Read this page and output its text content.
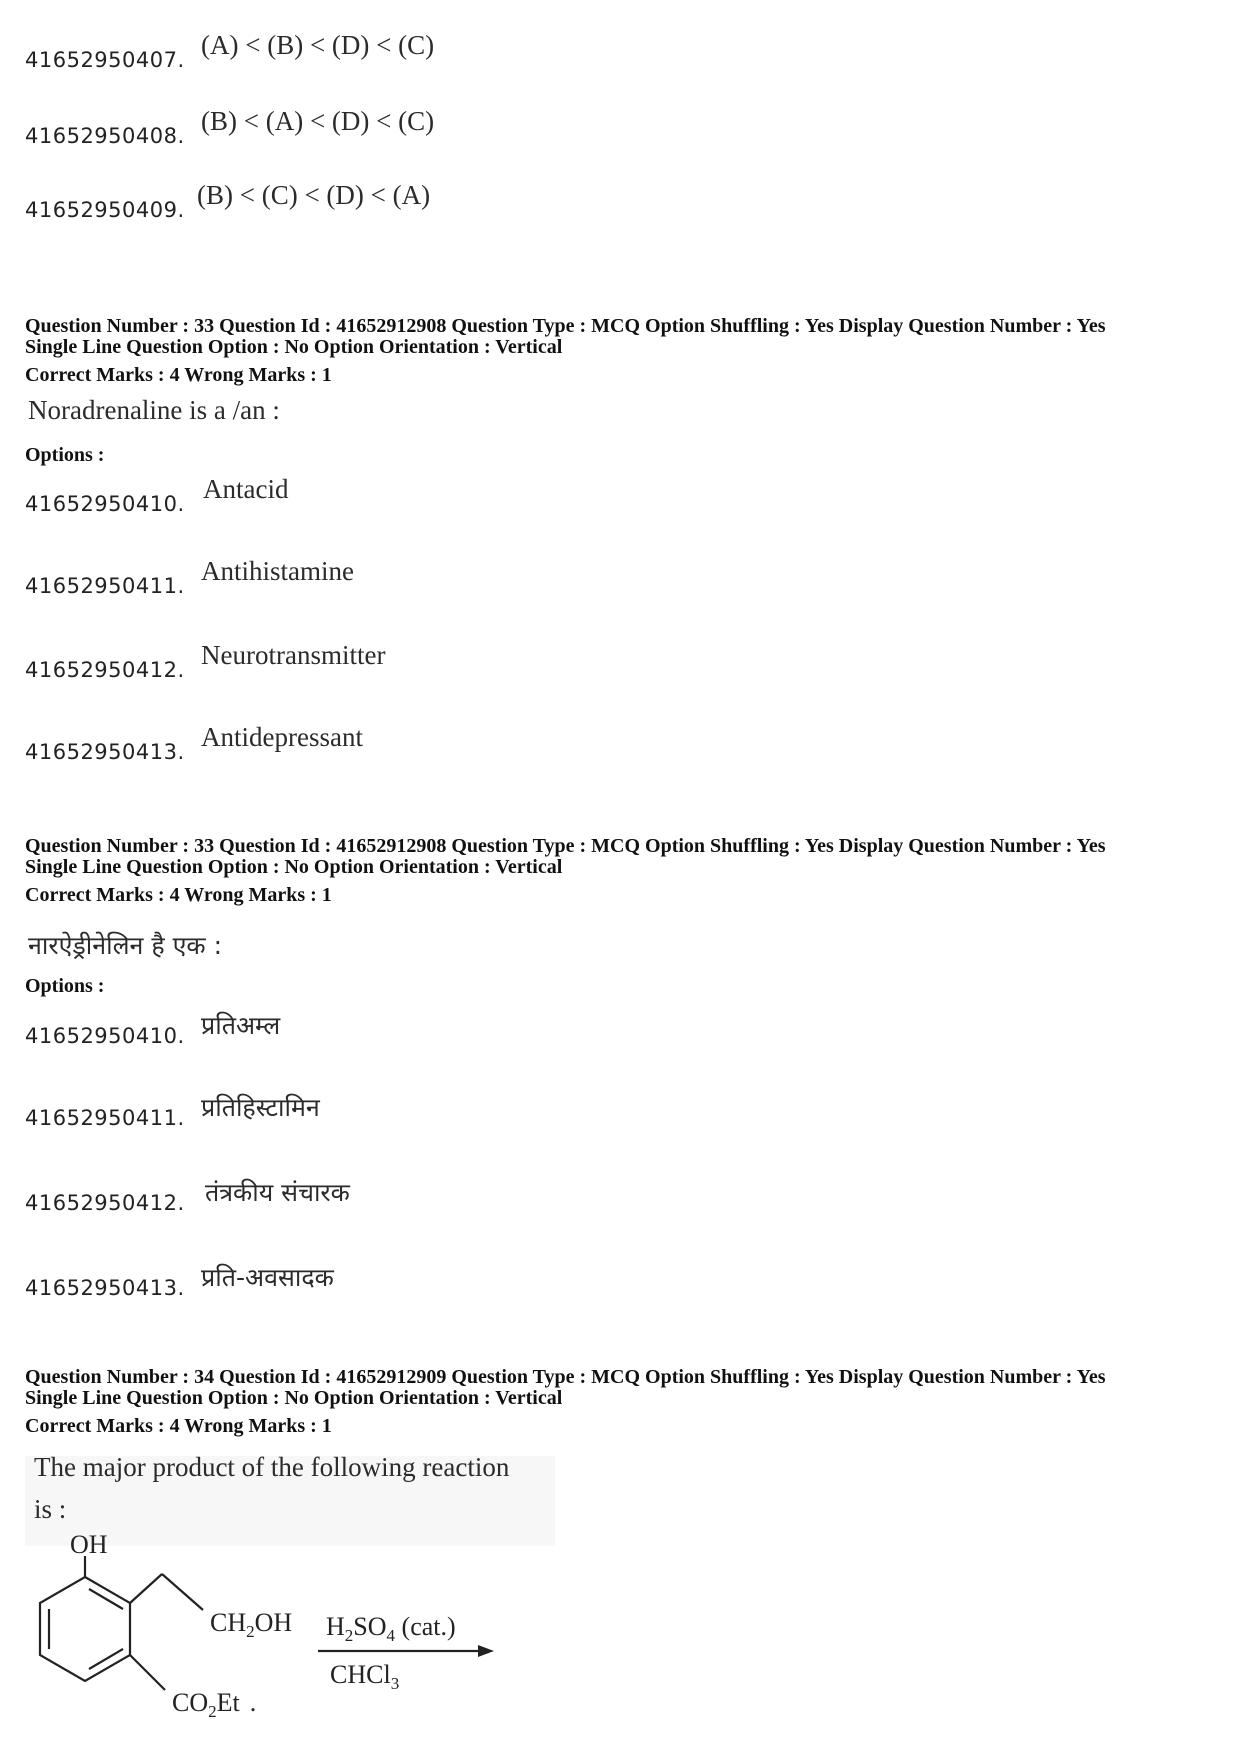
41652950407. (A) < (B) < (D) < (C)
41652950408. (B) < (A) < (D) < (C)
41652950409. (B) < (C) < (D) < (A)
Question Number : 33 Question Id : 41652912908 Question Type : MCQ Option Shuffling : Yes Display Question Number : Yes
Single Line Question Option : No Option Orientation : Vertical
Correct Marks : 4 Wrong Marks : 1
Noradrenaline is a /an :
Options :
41652950410. Antacid
41652950411. Antihistamine
41652950412. Neurotransmitter
41652950413. Antidepressant
Question Number : 33 Question Id : 41652912908 Question Type : MCQ Option Shuffling : Yes Display Question Number : Yes
Single Line Question Option : No Option Orientation : Vertical
Correct Marks : 4 Wrong Marks : 1
नारऐड्रीनेलिन है एक :
Options :
41652950410. प्रतिअम्ल
41652950411. प्रतिहिस्टामिन
41652950412. तंत्रकीय संचारक
41652950413. प्रति-अवसादक
Question Number : 34 Question Id : 41652912909 Question Type : MCQ Option Shuffling : Yes Display Question Number : Yes
Single Line Question Option : No Option Orientation : Vertical
Correct Marks : 4 Wrong Marks : 1
The major product of the following reaction
is :
OH
$CH_2OH$
$CO_2Et$ .
$H_2SO_4$ (cat.)
CHCl$_3$
